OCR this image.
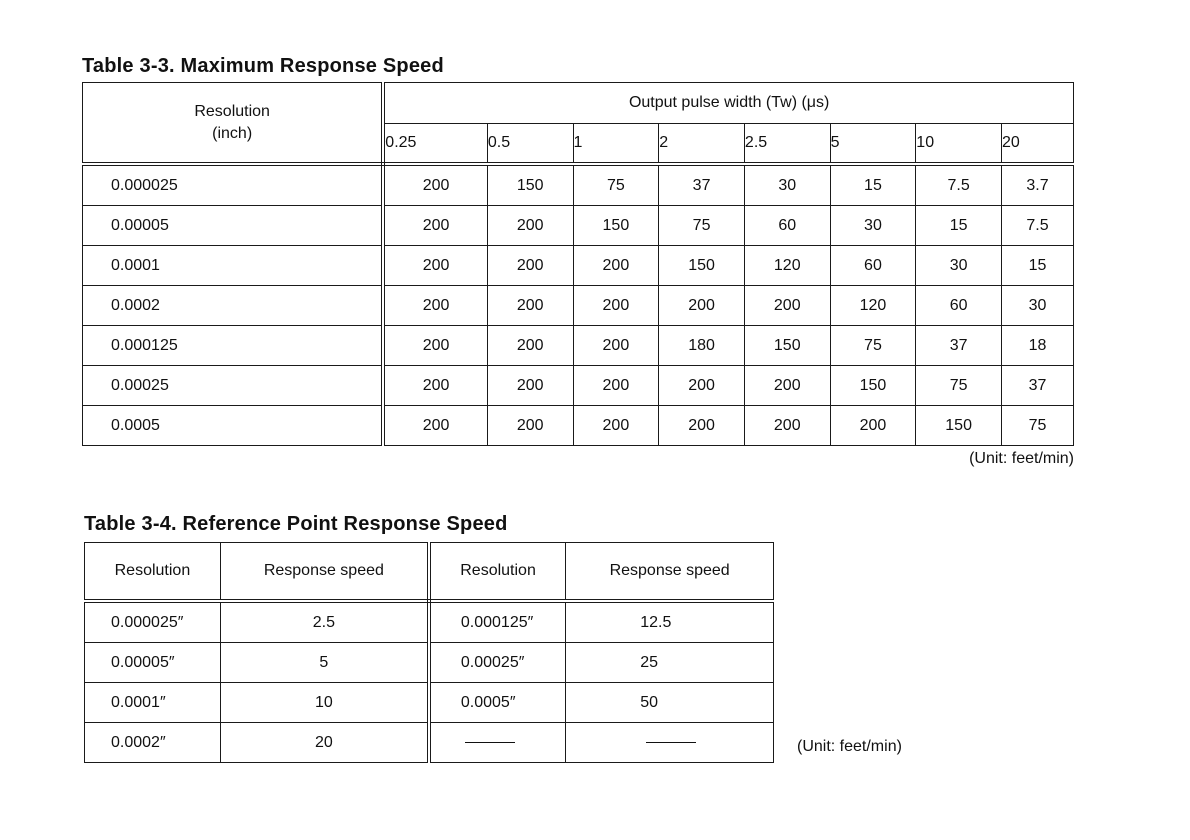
Table 3-3. Maximum Response Speed
Resolution
(inch)	Output pulse width (Tw) (μs)							
	0.25	0.5	1	2	2.5	5	10	20
0.000025	200	150	75	37	30	15	7.5	3.7
0.00005	200	200	150	75	60	30	15	7.5
0.0001	200	200	200	150	120	60	30	15
0.0002	200	200	200	200	200	120	60	30
0.000125	200	200	200	180	150	75	37	18
0.00025	200	200	200	200	200	150	75	37
0.0005	200	200	200	200	200	200	150	75
(Unit: feet/min)
Table 3-4. Reference Point Response Speed
Resolution	Response speed	Resolution	Response speed
0.000025″	2.5	0.000125″	12.5
0.00005″	5	0.00025″	25
0.0001″	10	0.0005″	50
0.0002″	20			(Unit: feet/min)
